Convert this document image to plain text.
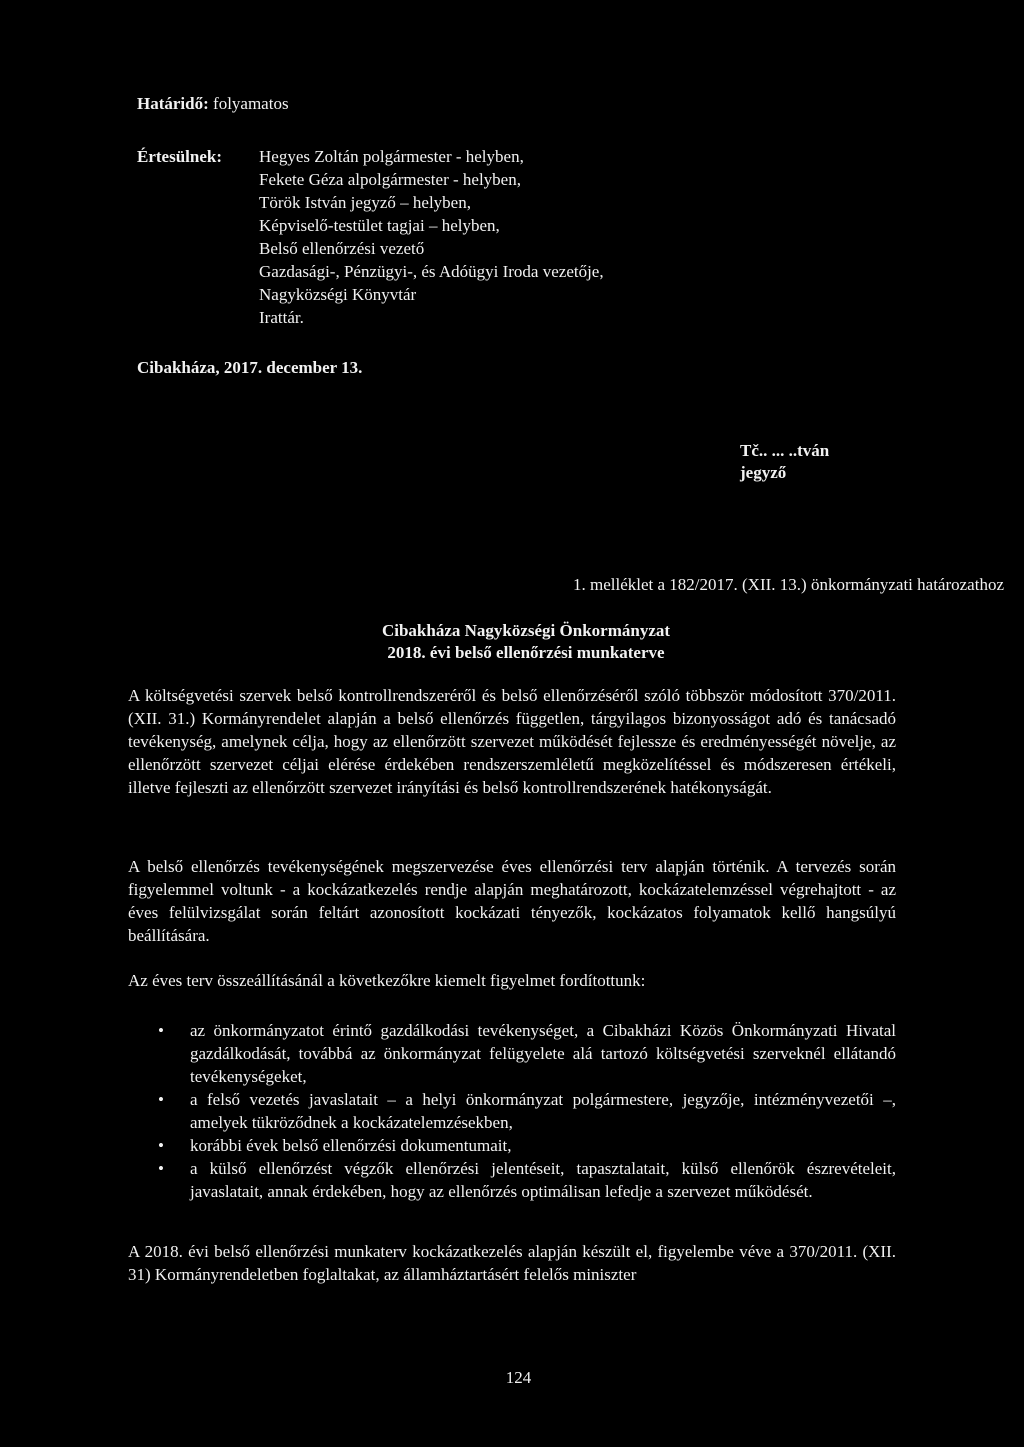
Határidő: folyamatos
Értesülnek: Hegyes Zoltán polgármester - helyben,
Fekete Géza alpolgármester - helyben,
Török István jegyző – helyben,
Képviselő-testület tagjai – helyben,
Belső ellenőrzési vezető
Gazdasági-, Pénzügyi-, és Adóügyi Iroda vezetője,
Nagyközségi Könyvtár
Irattár.
Cibakháza, 2017. december 13.
Tč.. ... ..tván
jegyző
1. melléklet a 182/2017. (XII. 13.) önkormányzati határozathoz
Cibakháza Nagyközségi Önkormányzat
2018. évi belső ellenőrzési munkaterve
A költségvetési szervek belső kontrollrendszeréről és belső ellenőrzéséről szóló többször módosított 370/2011. (XII. 31.) Kormányrendelet alapján a belső ellenőrzés független, tárgyilagos bizonyosságot adó és tanácsadó tevékenység, amelynek célja, hogy az ellenőrzött szervezet működését fejlessze és eredményességét növelje, az ellenőrzött szervezet céljai elérése érdekében rendszerszemléletű megközelítéssel és módszeresen értékeli, illetve fejleszti az ellenőrzött szervezet irányítási és belső kontrollrendszerének hatékonyságát.
A belső ellenőrzés tevékenységének megszervezése éves ellenőrzési terv alapján történik. A tervezés során figyelemmel voltunk - a kockázatkezelés rendje alapján meghatározott, kockázatelemzéssel végrehajtott - az éves felülvizsgálat során feltárt azonosított kockázati tényezők, kockázatos folyamatok kellő hangsúlyú beállítására.
Az éves terv összeállításánál a következőkre kiemelt figyelmet fordítottunk:
• az önkormányzatot érintő gazdálkodási tevékenységet, a Cibakházi Közös Önkormányzati Hivatal gazdálkodását, továbbá az önkormányzat felügyelete alá tartozó költségvetési szerveknél ellátandó tevékenységeket,
• a felső vezetés javaslatait – a helyi önkormányzat polgármestere, jegyzője, intézményvezetői –, amelyek tükröződnek a kockázatelemzésekben,
• korábbi évek belső ellenőrzési dokumentumait,
• a külső ellenőrzést végzők ellenőrzési jelentéseit, tapasztalatait, külső ellenőrök észrevételeit, javaslatait, annak érdekében, hogy az ellenőrzés optimálisan lefedje a szervezet működését.
A 2018. évi belső ellenőrzési munkaterv kockázatkezelés alapján készült el, figyelembe véve a 370/2011. (XII. 31) Kormányrendeletben foglaltakat, az államháztartásért felelős miniszter
124
